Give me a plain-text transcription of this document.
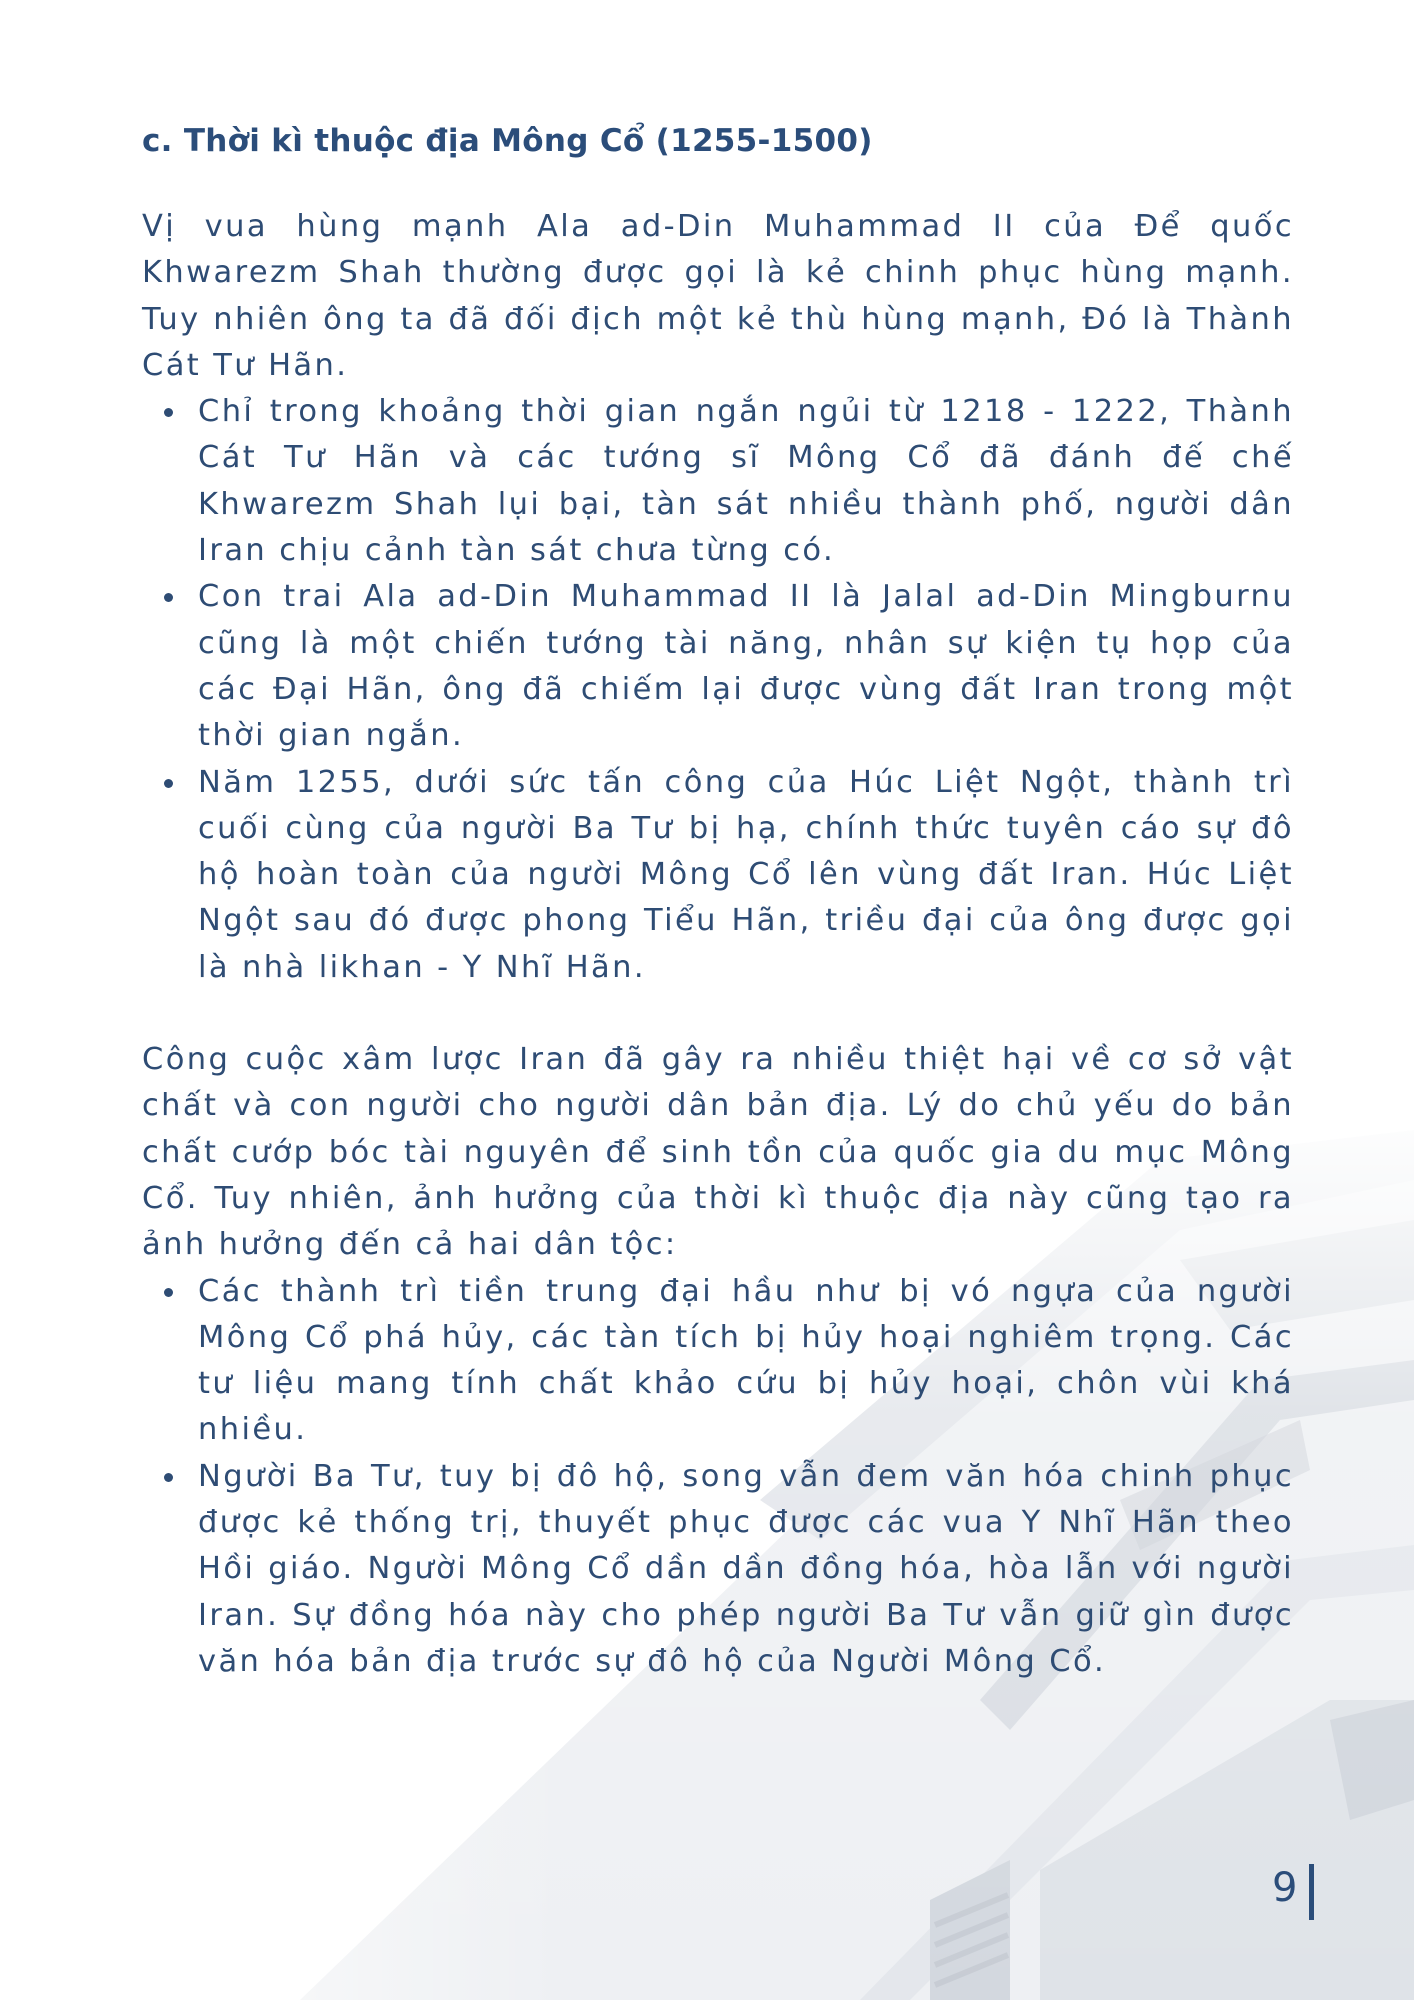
c. Thời kì thuộc địa Mông Cổ (1255-1500)

Vị vua hùng mạnh Ala ad-Din Muhammad II của Để quốc Khwarezm Shah thường được gọi là kẻ chinh phục hùng mạnh. Tuy nhiên ông ta đã đối địch một kẻ thù hùng mạnh, Đó là Thành Cát Tư Hãn.

Chỉ trong khoảng thời gian ngắn ngủi từ 1218 - 1222, Thành Cát Tư Hãn và các tướng sĩ Mông Cổ đã đánh đế chế Khwarezm Shah lụi bại, tàn sát nhiều thành phố, người dân Iran chịu cảnh tàn sát chưa từng có.
Con trai Ala ad-Din Muhammad II là Jalal ad-Din Mingburnu cũng là một chiến tướng tài năng, nhân sự kiện tụ họp của các Đại Hãn, ông đã chiếm lại được vùng đất Iran trong một thời gian ngắn.
Năm 1255, dưới sức tấn công của Húc Liệt Ngột, thành trì cuối cùng của người Ba Tư bị hạ, chính thức tuyên cáo sự đô hộ hoàn toàn của người Mông Cổ lên vùng đất Iran. Húc Liệt Ngột sau đó được phong Tiểu Hãn, triều đại của ông được gọi là nhà likhan - Y Nhĩ Hãn.

Công cuộc xâm lược Iran đã gây ra nhiều thiệt hại về cơ sở vật chất và con người cho người dân bản địa. Lý do chủ yếu do bản chất cướp bóc tài nguyên để sinh tồn của quốc gia du mục Mông Cổ. Tuy nhiên, ảnh hưởng của thời kì thuộc địa này cũng tạo ra ảnh hưởng đến cả hai dân tộc:

Các thành trì tiền trung đại hầu như bị vó ngựa của người Mông Cổ phá hủy, các tàn tích bị hủy hoại nghiêm trọng. Các tư liệu mang tính chất khảo cứu bị hủy hoại, chôn vùi khá nhiều.
Người Ba Tư, tuy bị đô hộ, song vẫn đem văn hóa chinh phục được kẻ thống trị, thuyết phục được các vua Y Nhĩ Hãn theo Hồi giáo. Người Mông Cổ dần dần đồng hóa, hòa lẫn với người Iran. Sự đồng hóa này cho phép người Ba Tư vẫn giữ gìn được văn hóa bản địa trước sự đô hộ của Người Mông Cổ.
9
